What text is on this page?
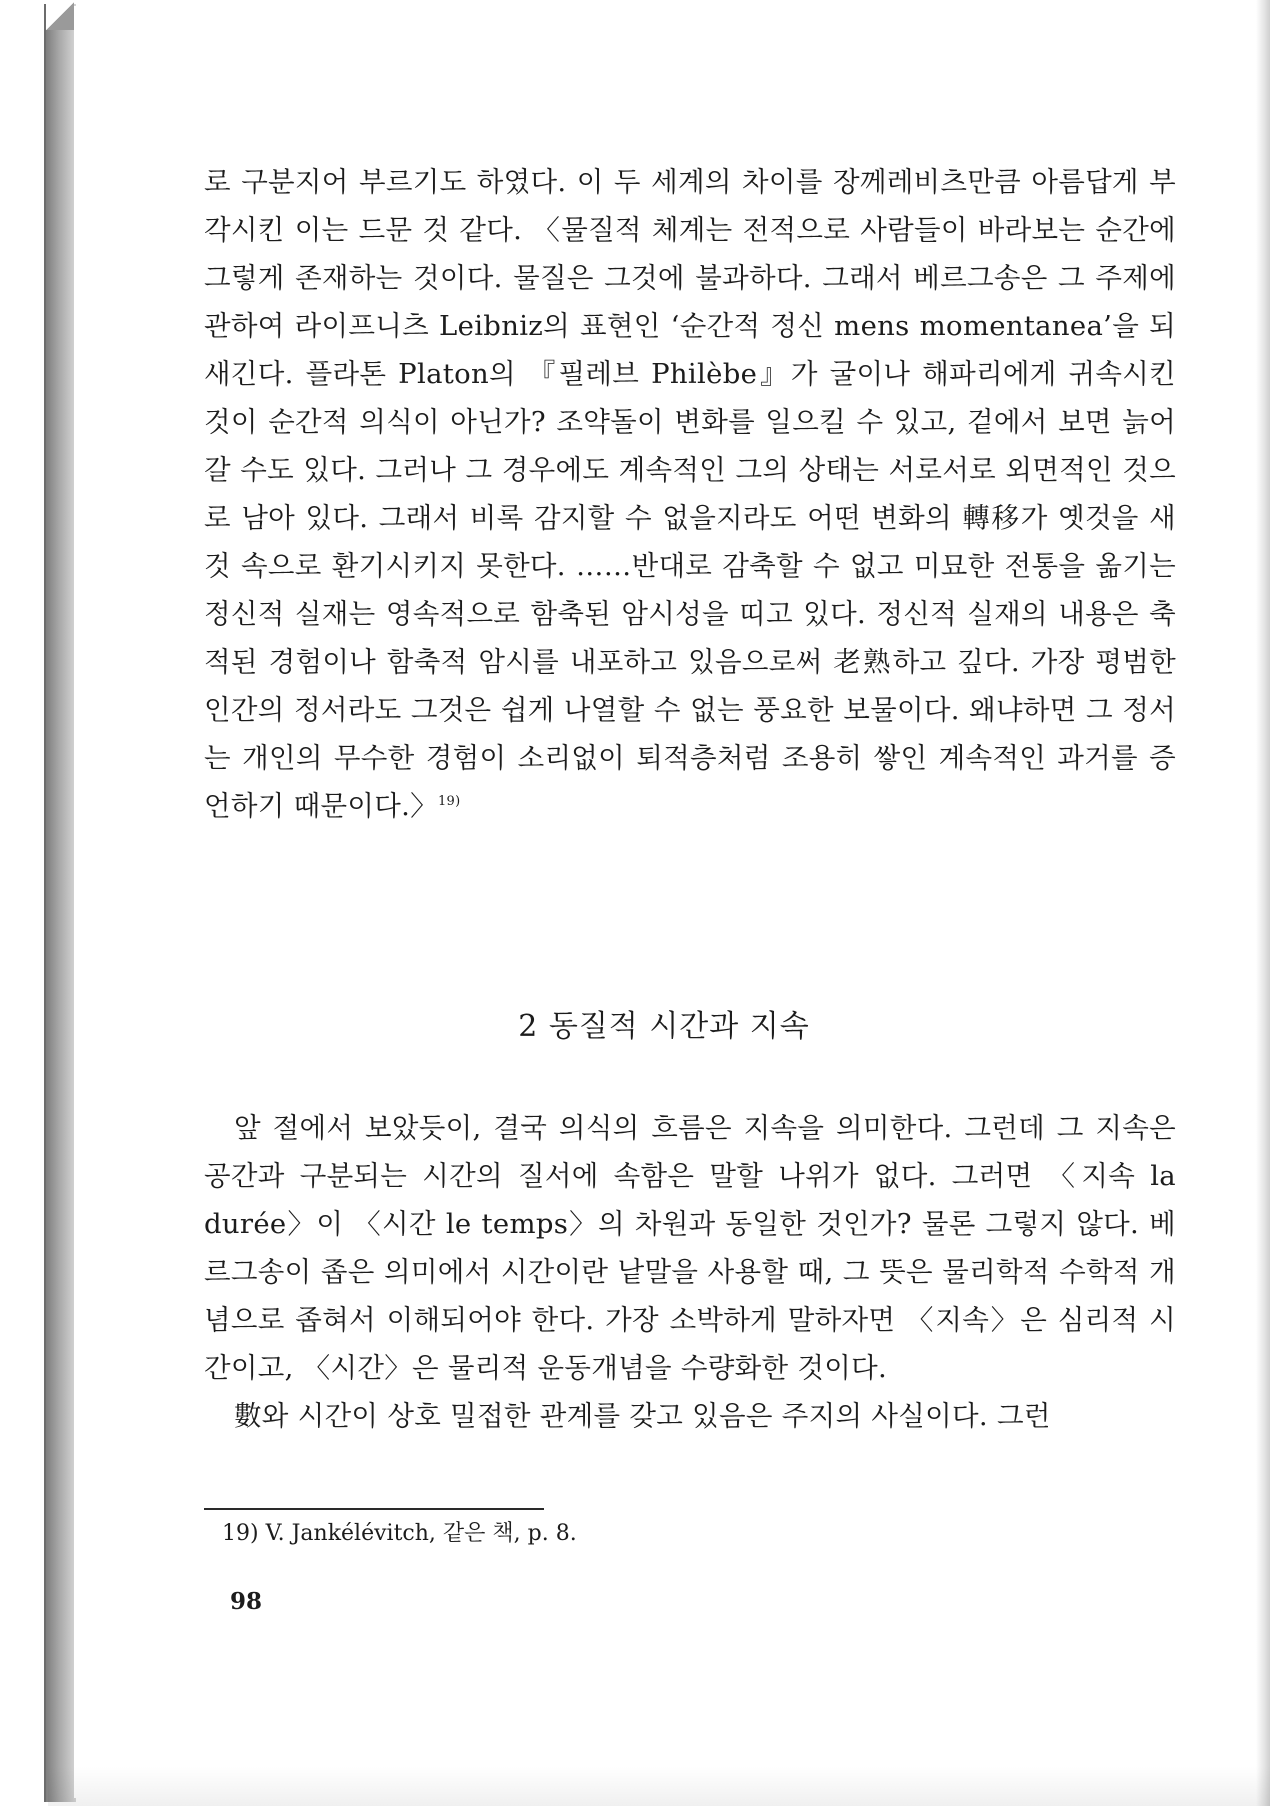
로 구분지어 부르기도 하였다. 이 두 세계의 차이를 장께레비츠만큼 아름답게 부각시킨 이는 드문 것 같다. 〈물질적 체계는 전적으로 사람들이 바라보는 순간에 그렇게 존재하는 것이다. 물질은 그것에 불과하다. 그래서 베르그송은 그 주제에 관하여 라이프니츠 Leibniz의 표현인 ‘순간적 정신 mens momentanea’을 되새긴다. 플라톤 Platon의 『필레브 Philèbe』가 굴이나 해파리에게 귀속시킨 것이 순간적 의식이 아닌가? 조약돌이 변화를 일으킬 수 있고, 겉에서 보면 늙어갈 수도 있다. 그러나 그 경우에도 계속적인 그의 상태는 서로서로 외면적인 것으로 남아 있다. 그래서 비록 감지할 수 없을지라도 어떤 변화의 轉移가 옛것을 새 것 속으로 환기시키지 못한다. ……반대로 감축할 수 없고 미묘한 전통을 옮기는 정신적 실재는 영속적으로 함축된 암시성을 띠고 있다. 정신적 실재의 내용은 축적된 경험이나 함축적 암시를 내포하고 있음으로써 老熟하고 깊다. 가장 평범한 인간의 정서라도 그것은 쉽게 나열할 수 없는 풍요한 보물이다. 왜냐하면 그 정서는 개인의 무수한 경험이 소리없이 퇴적층처럼 조용히 쌓인 계속적인 과거를 증언하기 때문이다.〉$^{19)}$

2 동질적 시간과 지속

앞 절에서 보았듯이, 결국 의식의 흐름은 지속을 의미한다. 그런데 그 지속은 공간과 구분되는 시간의 질서에 속함은 말할 나위가 없다. 그러면 〈지속 la durée〉이 〈시간 le temps〉의 차원과 동일한 것인가? 물론 그렇지 않다. 베르그송이 좁은 의미에서 시간이란 낱말을 사용할 때, 그 뜻은 물리학적 수학적 개념으로 좁혀서 이해되어야 한다. 가장 소박하게 말하자면 〈지속〉은 심리적 시간이고, 〈시간〉은 물리적 운동개념을 수량화한 것이다.

數와 시간이 상호 밀접한 관계를 갖고 있음은 주지의 사실이다. 그런

19) V. Jankélévitch, 같은 책, p. 8.
98
